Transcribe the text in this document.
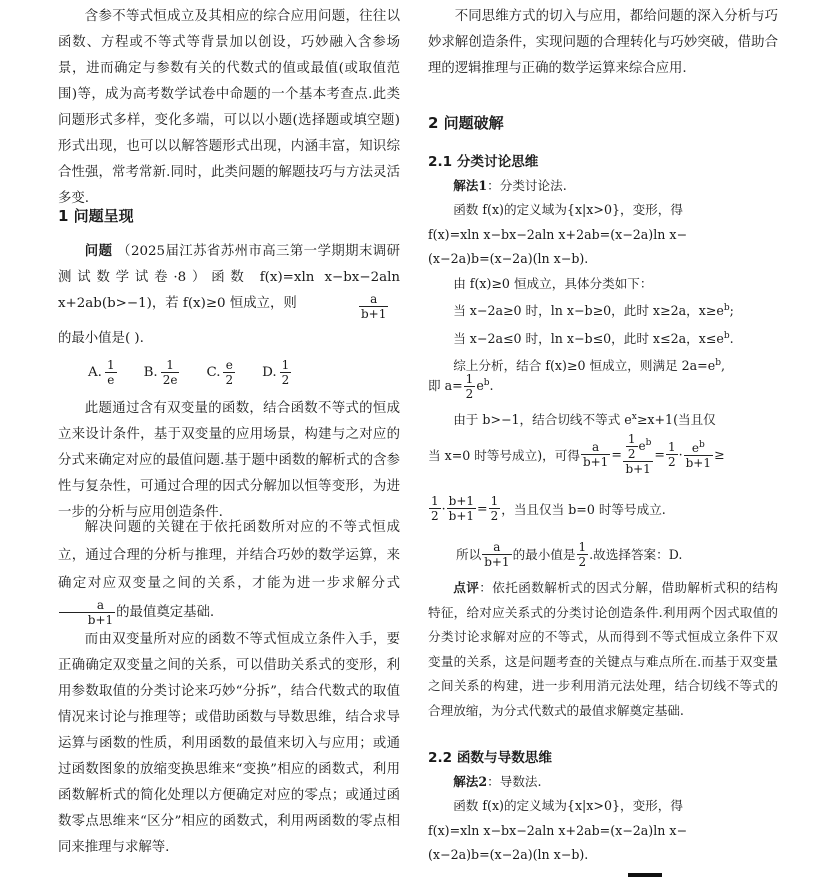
含参不等式恒成立及其相应的综合应用问题，往往以函数、方程或不等式等背景加以创设，巧妙融入含参场景，进而确定与参数有关的代数式的值或最值(或取值范围)等，成为高考数学试卷中命题的一个基本考查点.此类问题形式多样，变化多端，可以以小题(选择题或填空题)形式出现，也可以以解答题形式出现，内涵丰富，知识综合性强，常考常新.同时，此类问题的解题技巧与方法灵活多变.

1 问题呈现

问题 （2025届江苏省苏州市高三第一学期期末调研测试数学试卷·8）函数 f(x)=xln x−bx−2aln x+2ab(b>−1)，若 f(x)≥0 恒成立，则	$\frac{a}{b+1}$

的最小值是( ).

A. $\frac{1}{e} B$. $\frac{1}{2e} C$. $\frac{e}{2} D$. $\frac{1}{2}$

此题通过含有双变量的函数，结合函数不等式的恒成立来设计条件，基于双变量的应用场景，构建与之对应的分式来确定对应的最值问题.基于题中函数的解析式的含参性与复杂性，可通过合理的因式分解加以恒等变形，为进一步的分析与应用创造条件.

解决问题的关键在于依托函数所对应的不等式恒成立，通过合理的分析与推理，并结合巧妙的数学运算，来确定对应双变量之间的关系，才能为进一步求解分式
$\frac{a}{b+1}$ 的最值奠定基础.

而由双变量所对应的函数不等式恒成立条件入手，要正确确定双变量之间的关系，可以借助关系式的变形，利用参数取值的分类讨论来巧妙“分拆”，结合代数式的取值情况来讨论与推理等；或借助函数与导数思维，结合求导运算与函数的性质，利用函数的最值来切入与应用；或通过函数图象的放缩变换思维来“变换”相应的函数式，利用函数解析式的简化处理以方便确定对应的零点；或通过函数零点思维来“区分”相应的函数式，利用两函数的零点相同来推理与求解等.

不同思维方式的切入与应用，都给问题的深入分析与巧妙求解创造条件，实现问题的合理转化与巧妙突破，借助合理的逻辑推理与正确的数学运算来综合应用.

2 问题破解

2.1 分类讨论思维

解法1：分类讨论法.
函数 f(x)的定义域为{x|x>0}，变形，得
f(x)=xln x−bx−2aln x+2ab=(x−2a)ln x−
(x−2a)b=(x−2a)(ln x−b).
由 f(x)≥0 恒成立，具体分类如下：
当 x−2a≥0 时，ln x−b≥0，此时 x≥2a，$x\ge e^b$;
当 x−2a≤0 时，ln x−b≤0，此时 x≤2a，$x\le e^b$.
综上分析，结合 f(x)≥0 恒成立，则满足 $2a=e^b$,
即 $a= \frac{1}{2} e^b$.
由于 b>−1，结合切线不等式 $e^x\ge x+1$(当且仅
当 x=0 时等号成立)，可得 $\frac{a}{b+1} = \frac{\frac{1}{2} e^b}{b+1} = \frac{1}{2} \cdot \frac{e^b}{b+1}$ ≥
$\frac{1}{2} \cdot \frac{b+1}{b+1} = \frac{1}{2}$ ，当且仅当 b=0 时等号成立.
所以 $\frac{a}{b+1}$ 的最小值是 $\frac{1}{2}$ .故选择答案：D.

点评：依托函数解析式的因式分解，借助解析式积的结构特征，给对应关系式的分类讨论创造条件.利用两个因式取值的分类讨论求解对应的不等式，从而得到不等式恒成立条件下双变量的关系，这是问题考查的关键点与难点所在.而基于双变量之间关系的构建，进一步利用消元法处理，结合切线不等式的合理放缩，为分式代数式的最值求解奠定基础.

2.2 函数与导数思维

解法2：导数法.
函数 f(x)的定义域为{x|x>0}，变形，得
f(x)=xln x−bx−2aln x+2ab=(x−2a)ln x−
(x−2a)b=(x−2a)(ln x−b).
